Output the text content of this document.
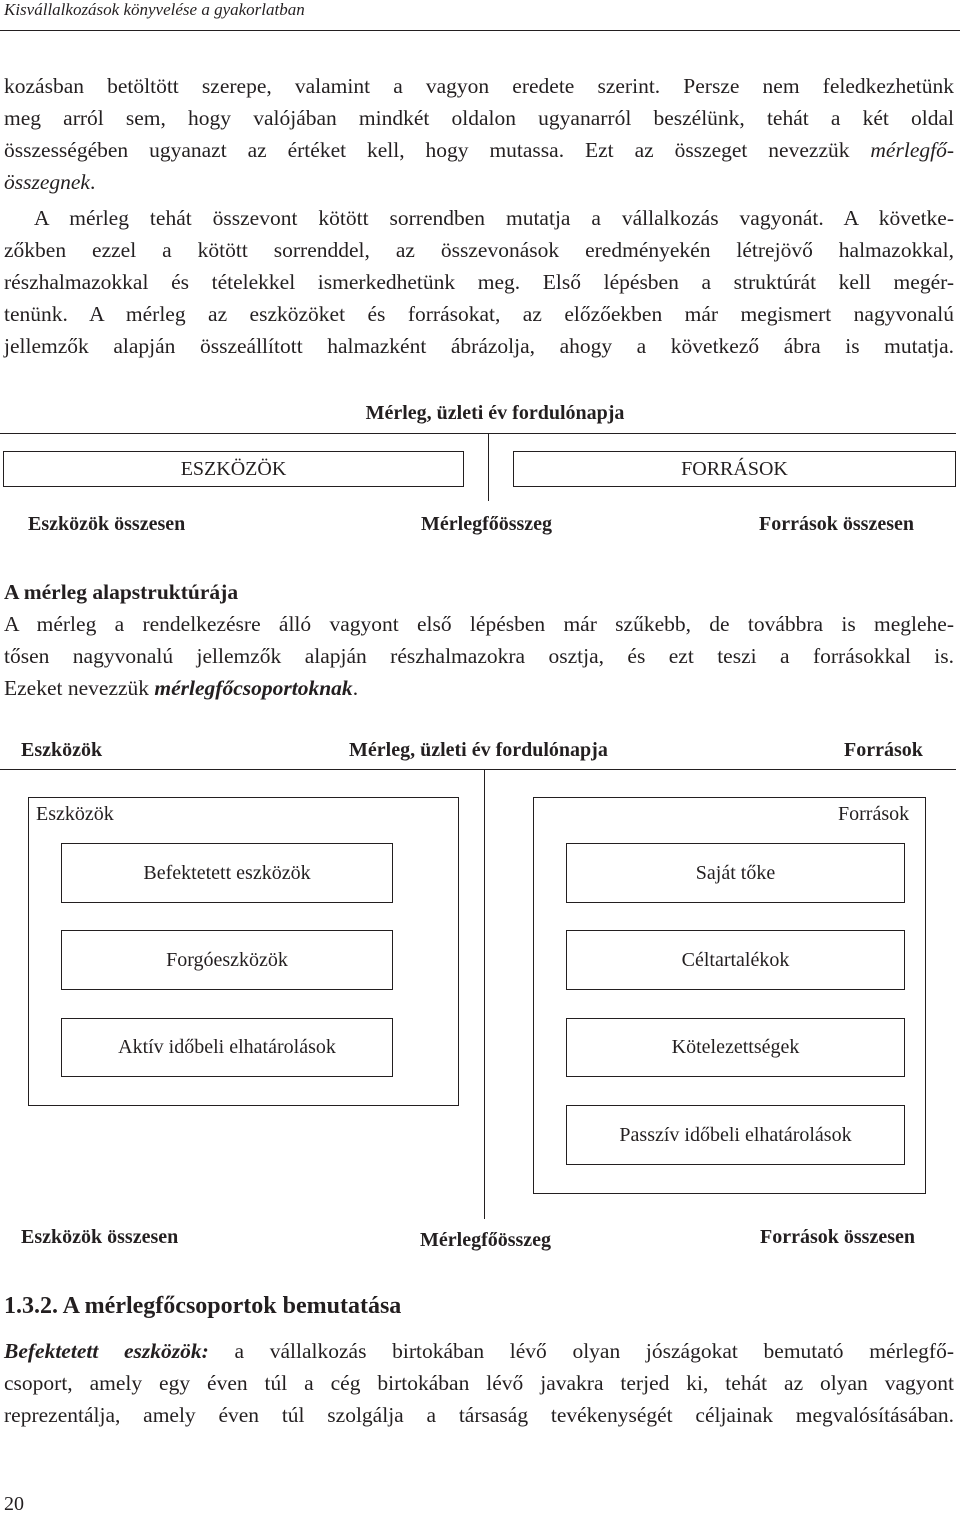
Kisvállalkozások könyvelése a gyakorlatban
kozásban betöltött szerepe, valamint a vagyon eredete szerint. Persze nem feledkezhetünk
meg arról sem, hogy valójában mindkét oldalon ugyanarról beszélünk, tehát a két oldal
összességében ugyanazt az értéket kell, hogy mutassa. Ezt az összeget nevezzük mérlegfő-
összegnek.
A mérleg tehát összevont kötött sorrendben mutatja a vállalkozás vagyonát. A követke-
zőkben ezzel a kötött sorrenddel, az összevonások eredményekén létrejövő halmazokkal,
részhalmazokkal és tételekkel ismerkedhetünk meg. Első lépésben a struktúrát kell megér-
tenünk. A mérleg az eszközöket és forrásokat, az előzőekben már megismert nagyvonalú
jellemzők alapján összeállított halmazként ábrázolja, ahogy a következő ábra is mutatja.
Mérleg, üzleti év fordulónapja
ESZKÖZÖK	FORRÁSOK
Eszközök összesen	Mérlegfőösszeg	Források összesen
A mérleg alapstruktúrája
A mérleg a rendelkezésre álló vagyont első lépésben már szűkebb, de továbbra is meglehe-
tősen nagyvonalú jellemzők alapján részhalmazokra osztja, és ezt teszi a forrásokkal is.
Ezeket nevezzük mérlegfőcsoportoknak.
Eszközök	Mérleg, üzleti év fordulónapja	Források
Eszközök
Befektetett eszközök
Forgóeszközök
Aktív időbeli elhatárolások
Források
Saját tőke
Céltartalékok
Kötelezettségek
Passzív időbeli elhatárolások
Eszközök összesen	Mérlegfőösszeg	Források összesen
1.3.2. A mérlegfőcsoportok bemutatása
Befektetett eszközök: a vállalkozás birtokában lévő olyan jószágokat bemutató mérlegfő-
csoport, amely egy éven túl a cég birtokában lévő javakra terjed ki, tehát az olyan vagyont
reprezentálja, amely éven túl szolgálja a társaság tevékenységét céljainak megvalósításában.
20
